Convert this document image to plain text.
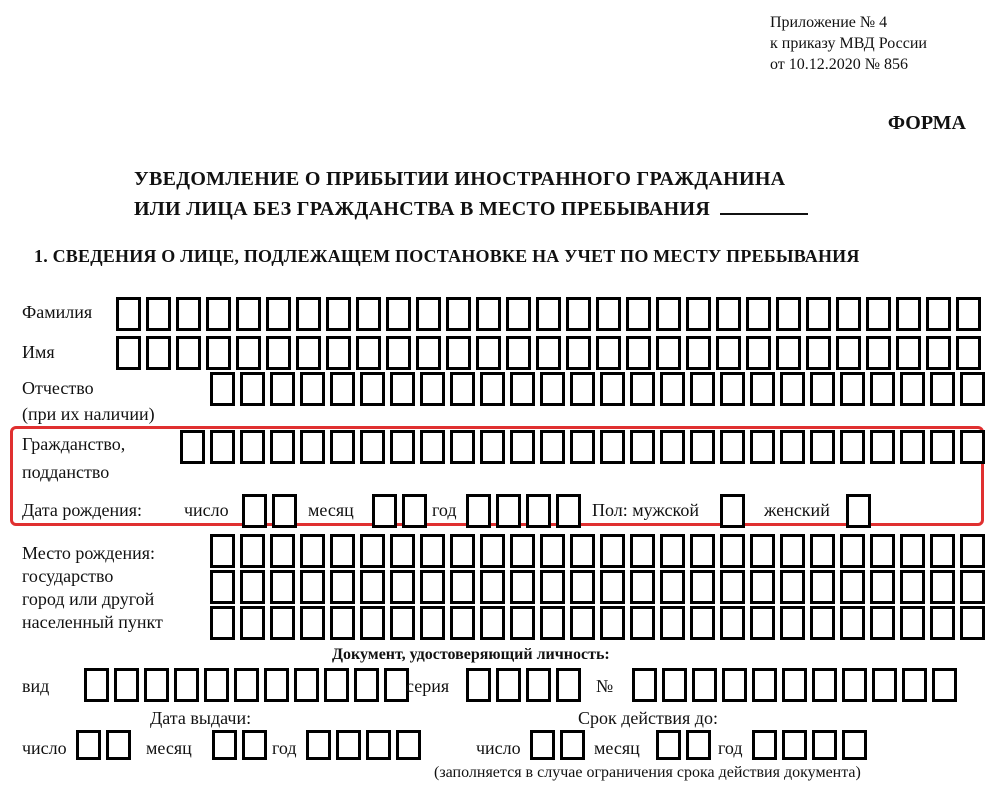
Приложение № 4
к приказу МВД России
от 10.12.2020 № 856
ФОРМА
УВЕДОМЛЕНИЕ О ПРИБЫТИИ ИНОСТРАННОГО ГРАЖДАНИНА
ИЛИ ЛИЦА БЕЗ ГРАЖДАНСТВА В МЕСТО ПРЕБЫВАНИЯ
1. СВЕДЕНИЯ О ЛИЦЕ, ПОДЛЕЖАЩЕМ ПОСТАНОВКЕ НА УЧЕТ ПО МЕСТУ ПРЕБЫВАНИЯ
Фамилия
Имя
Отчество
(при их наличии)
Гражданство,
подданство
Дата рождения: число	месяц	год	Пол: мужской	женский
Место рождения:
государство
город или другой
населенный пункт
Документ, удостоверяющий личность:
вид	серия	№
Дата выдачи:	Срок действия до:
число	месяц	год	число	месяц	год
(заполняется в случае ограничения срока действия документа)
